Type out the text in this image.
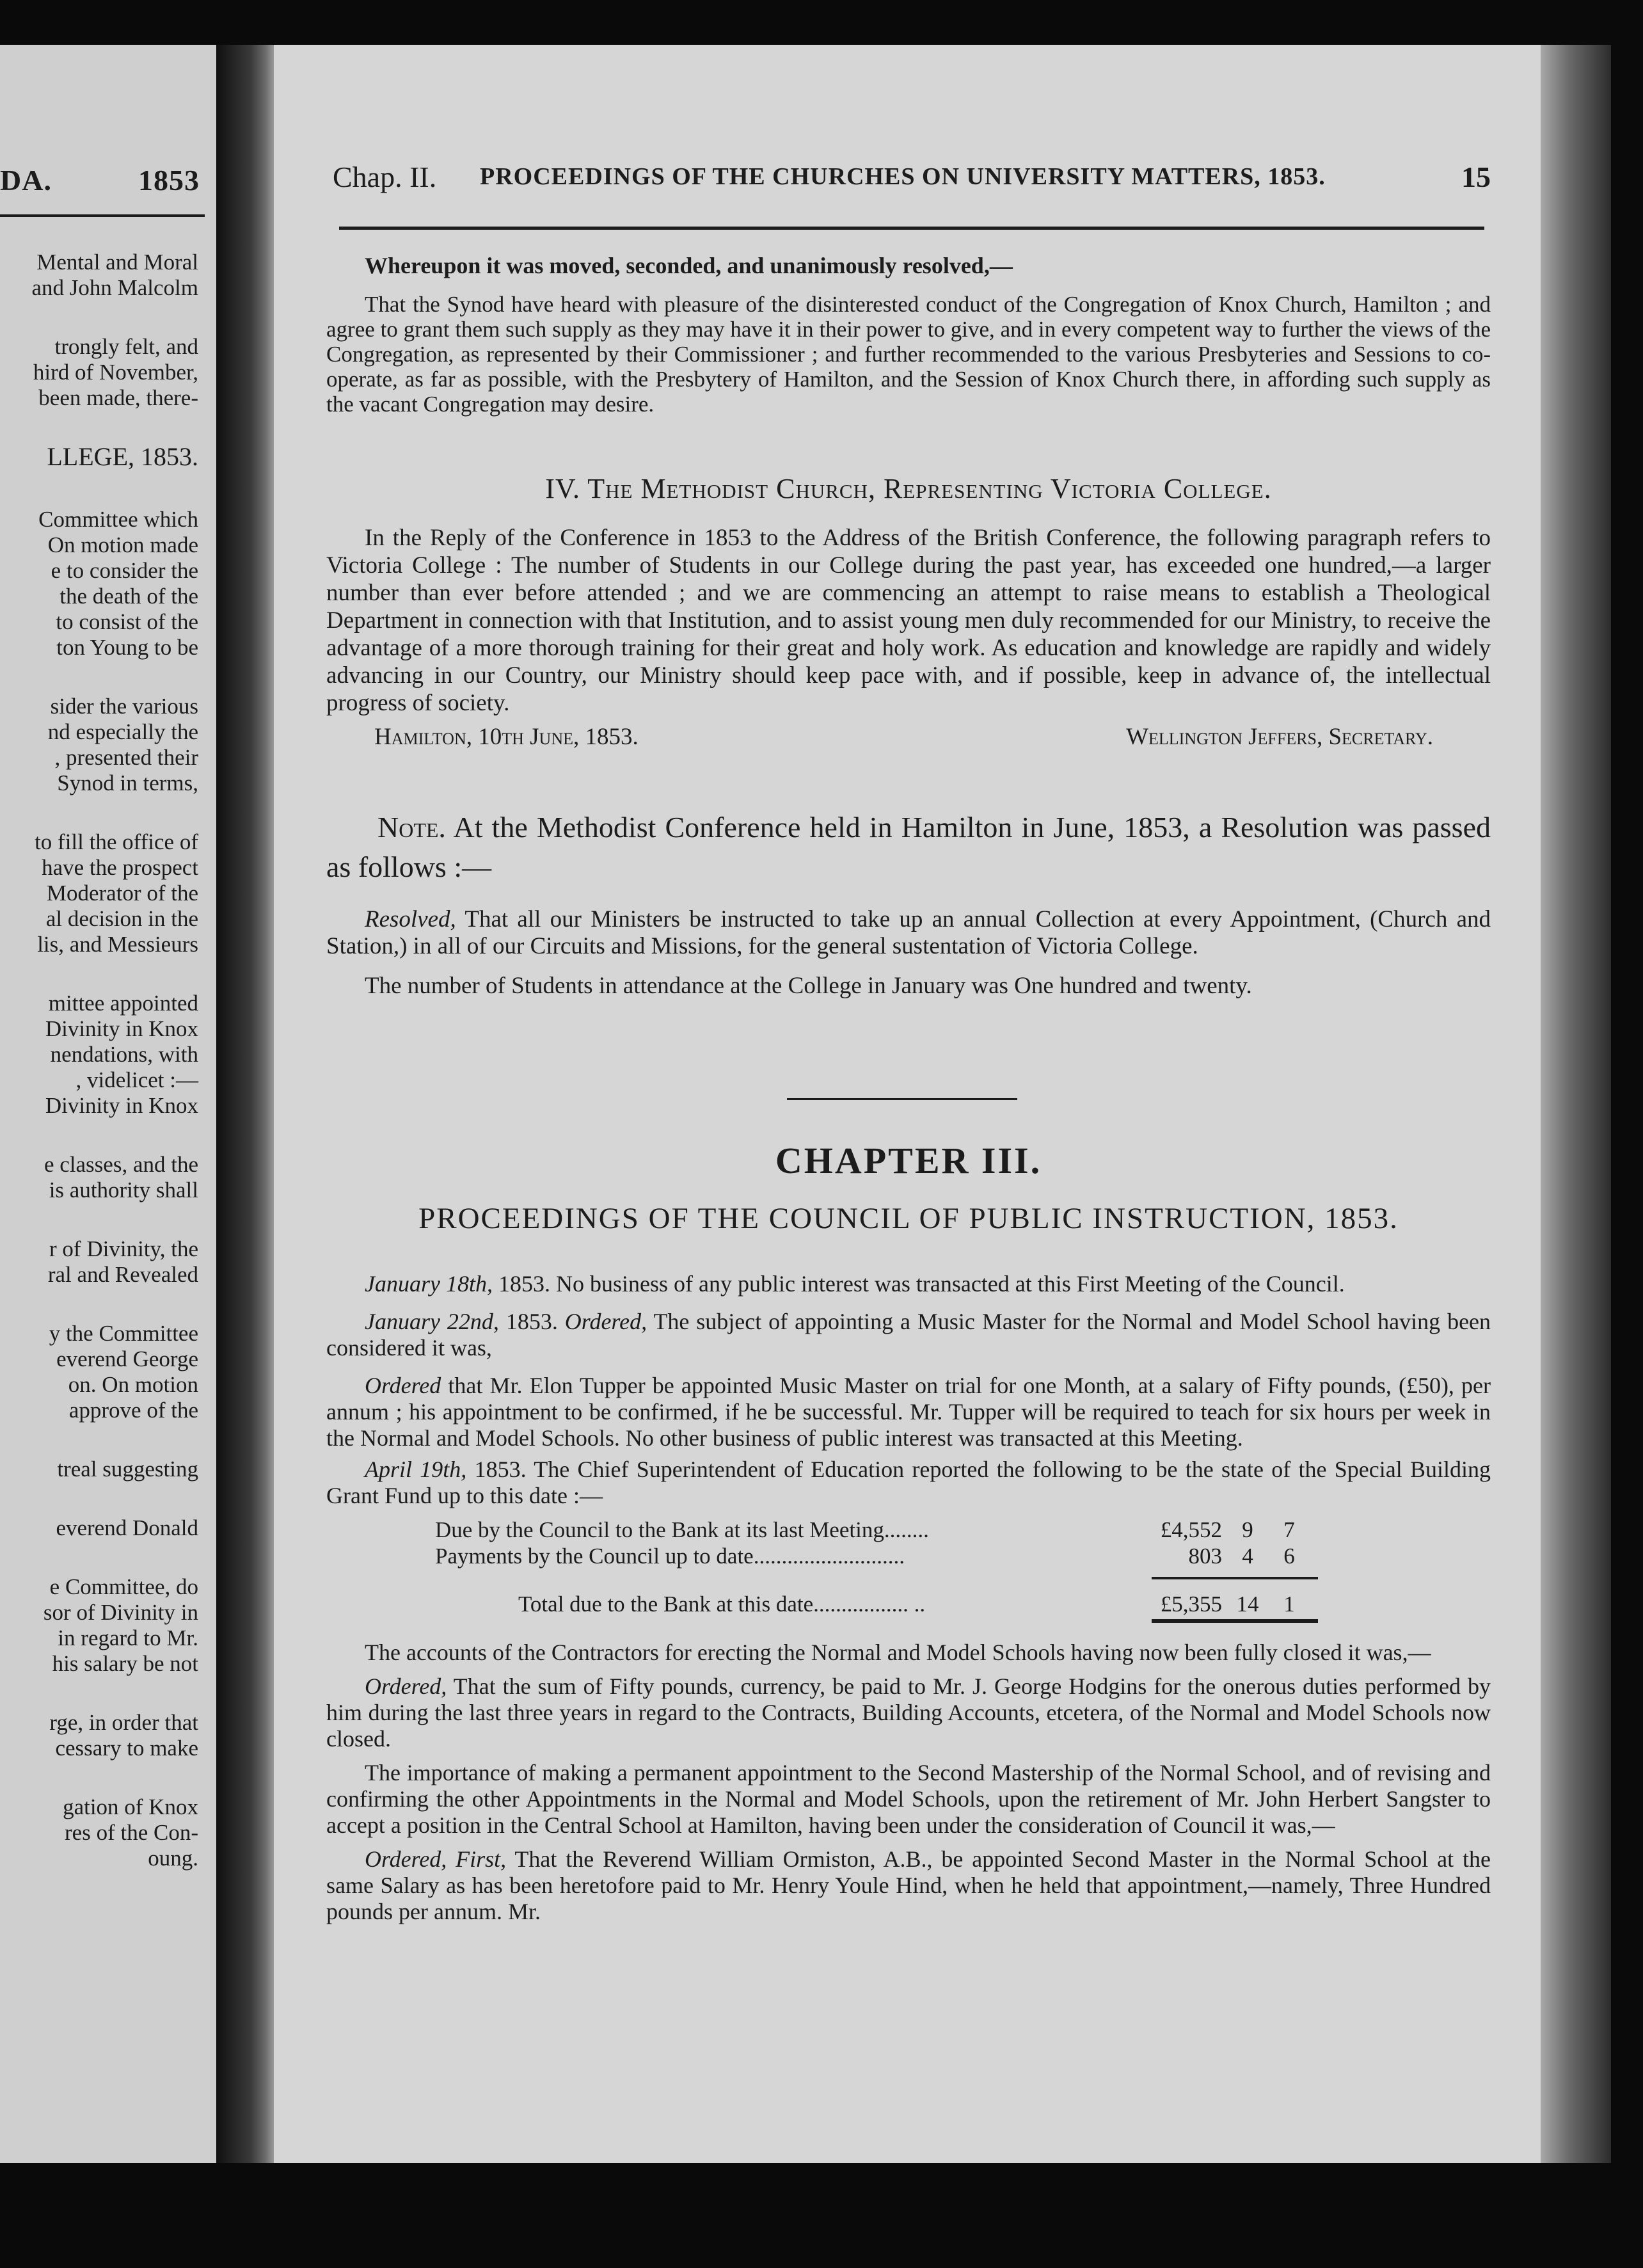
DA.	1853
Mental and Moral
and John Malcolm
trongly felt, and
hird of November,
been made, there-
LLEGE, 1853.
Committee which
On motion made
e to consider the
the death of the
to consist of the
ton Young to be
sider the various
nd especially the
, presented their
Synod in terms,
to fill the office of
have the prospect
Moderator of the
al decision in the
lis, and Messieurs
mittee appointed
Divinity in Knox
nendations, with
, videlicet :—
Divinity in Knox
e classes, and the
is authority shall
r of Divinity, the
ral and Revealed
y the Committee
everend George
on. On motion
approve of the
treal suggesting
everend Donald
e Committee, do
sor of Divinity in
in regard to Mr.
his salary be not
rge, in order that
cessary to make
gation of Knox
res of the Con-
oung.
Chap. II. PROCEEDINGS OF THE CHURCHES ON UNIVERSITY MATTERS, 1853.	15

Whereupon it was moved, seconded, and unanimously resolved,—

That the Synod have heard with pleasure of the disinterested conduct of the Congregation of Knox Church, Hamilton ; and agree to grant them such supply as they may have it in their power to give, and in every competent way to further the views of the Congregation, as represented by their Commissioner ; and further recommended to the various Presbyteries and Sessions to co-operate, as far as possible, with the Presbytery of Hamilton, and the Session of Knox Church there, in affording such supply as the vacant Congregation may desire.

IV. The Methodist Church, Representing Victoria College.

In the Reply of the Conference in 1853 to the Address of the British Conference, the following paragraph refers to Victoria College : The number of Students in our College during the past year, has exceeded one hundred,—a larger number than ever before attended ; and we are commencing an attempt to raise means to establish a Theological Department in connection with that Institution, and to assist young men duly recommended for our Ministry, to receive the advantage of a more thorough training for their great and holy work. As education and knowledge are rapidly and widely advancing in our Country, our Ministry should keep pace with, and if possible, keep in advance of, the intellectual progress of society.

Hamilton, 10th June, 1853.	Wellington Jeffers, Secretary.

Note. At the Methodist Conference held in Hamilton in June, 1853, a Resolution was passed as follows :—

Resolved, That all our Ministers be instructed to take up an annual Collection at every Appointment, (Church and Station,) in all of our Circuits and Missions, for the general sustentation of Victoria College.

The number of Students in attendance at the College in January was One hundred and twenty.

CHAPTER III.

PROCEEDINGS OF THE COUNCIL OF PUBLIC INSTRUCTION, 1853.

January 18th, 1853. No business of any public interest was transacted at this First Meeting of the Council.

January 22nd, 1853. Ordered, The subject of appointing a Music Master for the Normal and Model School having been considered it was,

Ordered that Mr. Elon Tupper be appointed Music Master on trial for one Month, at a salary of Fifty pounds, (£50), per annum ; his appointment to be confirmed, if he be successful. Mr. Tupper will be required to teach for six hours per week in the Normal and Model Schools. No other business of public interest was transacted at this Meeting.

April 19th, 1853. The Chief Superintendent of Education reported the following to be the state of the Special Building Grant Fund up to this date :—

Due by the Council to the Bank at its last Meeting........	£4,552 9	7
Payments by the Council up to date...........................	803 4	6
Total due to the Bank at this date................. ..	£5,355 14	1

The accounts of the Contractors for erecting the Normal and Model Schools having now been fully closed it was,—

Ordered, That the sum of Fifty pounds, currency, be paid to Mr. J. George Hodgins for the onerous duties performed by him during the last three years in regard to the Contracts, Building Accounts, etcetera, of the Normal and Model Schools now closed.

The importance of making a permanent appointment to the Second Mastership of the Normal School, and of revising and confirming the other Appointments in the Normal and Model Schools, upon the retirement of Mr. John Herbert Sangster to accept a position in the Central School at Hamilton, having been under the consideration of Council it was,—

Ordered, First, That the Reverend William Ormiston, A.B., be appointed Second Master in the Normal School at the same Salary as has been heretofore paid to Mr. Henry Youle Hind, when he held that appointment,—namely, Three Hundred pounds per annum. Mr.
